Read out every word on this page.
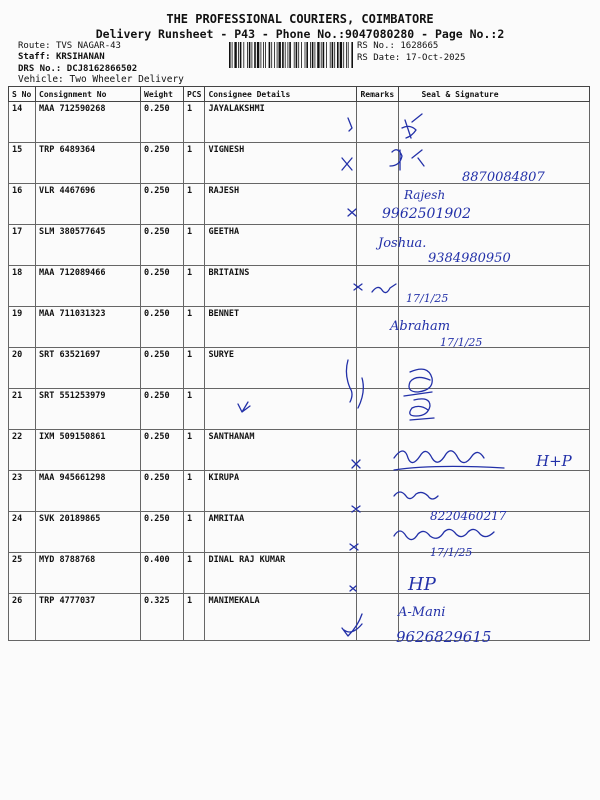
THE PROFESSIONAL COURIERS, COIMBATORE
Delivery Runsheet - P43 - Phone No.:9047080280 - Page No.:2
Route: TVS NAGAR-43
Staff: KRSIHANAN
DRS No.: DCJ8162866502
RS No.: 1628665
RS Date: 17-Oct-2025
Vehicle: Two Wheeler Delivery
S No	Consignment No	Weight	PCS	Consignee Details	Remarks	Seal & Signature
14	MAA 712590268	0.250	1	JAYALAKSHMI		
15	TRP 6489364	0.250	1	VIGNESH		
16	VLR 4467696	0.250	1	RAJESH		
17	SLM 380577645	0.250	1	GEETHA		
18	MAA 712089466	0.250	1	BRITAINS		
19	MAA 711031323	0.250	1	BENNET		
20	SRT 63521697	0.250	1	SURYE		
21	SRT 551253979	0.250	1			
22	IXM 509150861	0.250	1	SANTHANAM		
23	MAA 945661298	0.250	1	KIRUPA		
24	SVK 20189865	0.250	1	AMRITAA		
25	MYD 8788768	0.400	1	DINAL RAJ KUMAR		
26	TRP 4777037	0.325	1	MANIMEKALA		
8870084807
Rajesh
9962501902
Joshua.
9384980950
17/1/25
Abraham
17/1/25
H+P
8220460217
17/1/25
HP
A-Mani
9626829615
